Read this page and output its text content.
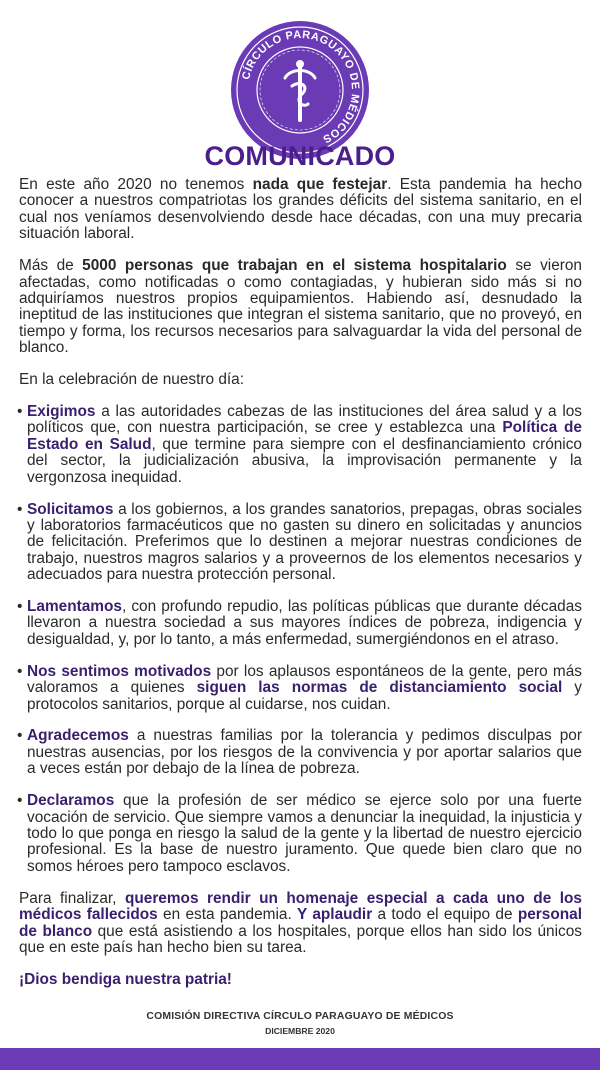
CÍRCULO PARAGUAYO DE MÉDICOS
COMUNICADO

En este año 2020 no tenemos nada que festejar. Esta pandemia ha hecho conocer a nuestros compatriotas los grandes déficits del sistema sanitario, en el cual nos veníamos desenvolviendo desde hace décadas, con una muy precaria situación laboral.

Más de 5000 personas que trabajan en el sistema hospitalario se vieron afectadas, como notificadas o como contagiadas, y hubieran sido más si no adquiríamos nuestros propios equipamientos. Habiendo así, desnudado la ineptitud de las instituciones que integran el sistema sanitario, que no proveyó, en tiempo y forma, los recursos necesarios para salvaguardar la vida del personal de blanco.

En la celebración de nuestro día:

• Exigimos a las autoridades cabezas de las instituciones del área salud y a los políticos que, con nuestra participación, se cree y establezca una Política de Estado en Salud, que termine para siempre con el desfinanciamiento crónico del sector, la judicialización abusiva, la improvisación permanente y la vergonzosa inequidad.

• Solicitamos a los gobiernos, a los grandes sanatorios, prepagas, obras sociales y laboratorios farmacéuticos que no gasten su dinero en solicitadas y anuncios de felicitación. Preferimos que lo destinen a mejorar nuestras condiciones de trabajo, nuestros magros salarios y a proveernos de los elementos necesarios y adecuados para nuestra protección personal.

• Lamentamos, con profundo repudio, las políticas públicas que durante décadas llevaron a nuestra sociedad a sus mayores índices de pobreza, indigencia y desigualdad, y, por lo tanto, a más enfermedad, sumergiéndonos en el atraso.

• Nos sentimos motivados por los aplausos espontáneos de la gente, pero más valoramos a quienes siguen las normas de distanciamiento social y protocolos sanitarios, porque al cuidarse, nos cuidan.

• Agradecemos a nuestras familias por la tolerancia y pedimos disculpas por nuestras ausencias, por los riesgos de la convivencia y por aportar salarios que a veces están por debajo de la línea de pobreza.

• Declaramos que la profesión de ser médico se ejerce solo por una fuerte vocación de servicio. Que siempre vamos a denunciar la inequidad, la injusticia y todo lo que ponga en riesgo la salud de la gente y la libertad de nuestro ejercicio profesional. Es la base de nuestro juramento. Que quede bien claro que no somos héroes pero tampoco esclavos.

Para finalizar, queremos rendir un homenaje especial a cada uno de los médicos fallecidos en esta pandemia. Y aplaudir a todo el equipo de personal de blanco que está asistiendo a los hospitales, porque ellos han sido los únicos que en este país han hecho bien su tarea.

¡Dios bendiga nuestra patria!

COMISIÓN DIRECTIVA CÍRCULO PARAGUAYO DE MÉDICOS
DICIEMBRE 2020
